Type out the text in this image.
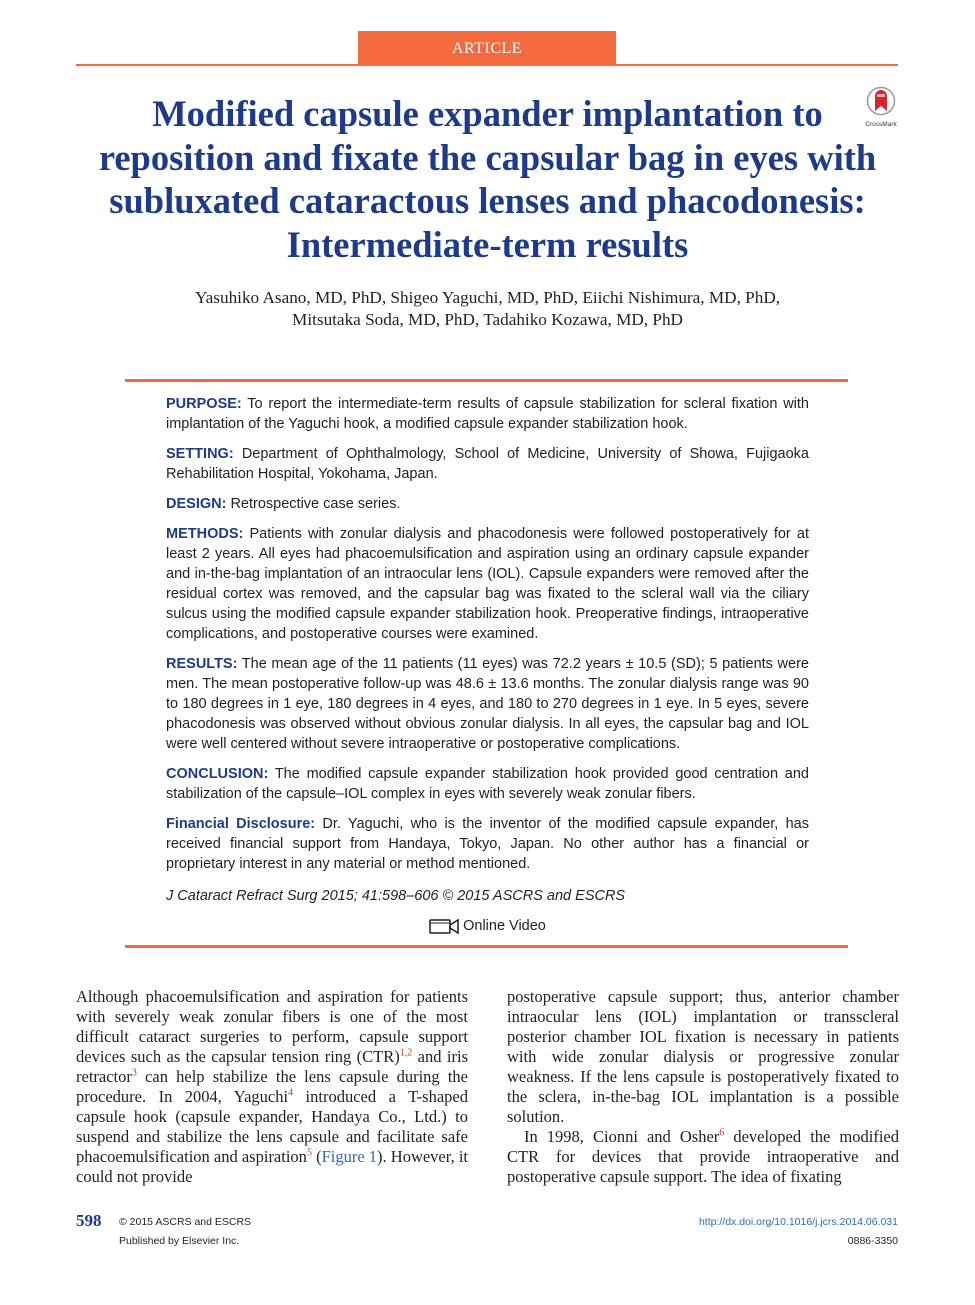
ARTICLE
Modified capsule expander implantation to reposition and fixate the capsular bag in eyes with subluxated cataractous lenses and phacodonesis: Intermediate-term results
CrossMark

Yasuhiko Asano, MD, PhD, Shigeo Yaguchi, MD, PhD, Eiichi Nishimura, MD, PhD,
Mitsutaka Soda, MD, PhD, Tadahiko Kozawa, MD, PhD

PURPOSE: To report the intermediate-term results of capsule stabilization for scleral fixation with implantation of the Yaguchi hook, a modified capsule expander stabilization hook.

SETTING: Department of Ophthalmology, School of Medicine, University of Showa, Fujigaoka Rehabilitation Hospital, Yokohama, Japan.

DESIGN: Retrospective case series.

METHODS: Patients with zonular dialysis and phacodonesis were followed postoperatively for at least 2 years. All eyes had phacoemulsification and aspiration using an ordinary capsule expander and in-the-bag implantation of an intraocular lens (IOL). Capsule expanders were removed after the residual cortex was removed, and the capsular bag was fixated to the scleral wall via the ciliary sulcus using the modified capsule expander stabilization hook. Preoperative findings, intraoperative complications, and postoperative courses were examined.

RESULTS: The mean age of the 11 patients (11 eyes) was 72.2 years ± 10.5 (SD); 5 patients were men. The mean postoperative follow-up was 48.6 ± 13.6 months. The zonular dialysis range was 90 to 180 degrees in 1 eye, 180 degrees in 4 eyes, and 180 to 270 degrees in 1 eye. In 5 eyes, severe phacodonesis was observed without obvious zonular dialysis. In all eyes, the capsular bag and IOL were well centered without severe intraoperative or postoperative complications.

CONCLUSION: The modified capsule expander stabilization hook provided good centration and stabilization of the capsule–IOL complex in eyes with severely weak zonular fibers.

Financial Disclosure: Dr. Yaguchi, who is the inventor of the modified capsule expander, has received financial support from Handaya, Tokyo, Japan. No other author has a financial or proprietary interest in any material or method mentioned.

J Cataract Refract Surg 2015; 41:598–606 © 2015 ASCRS and ESCRS

Online Video

Although phacoemulsification and aspiration for patients with severely weak zonular fibers is one of the most difficult cataract surgeries to perform, capsule support devices such as the capsular tension ring (CTR)$^{1,2}$ and iris retractor$^3$ can help stabilize the lens capsule during the procedure. In 2004, Yaguchi$^4$ introduced a T-shaped capsule hook (capsule expander, Handaya Co., Ltd.) to suspend and stabilize the lens capsule and facilitate safe phacoemulsification and aspiration$^5$ (Figure 1). However, it could not provide

postoperative capsule support; thus, anterior chamber intraocular lens (IOL) implantation or transscleral posterior chamber IOL fixation is necessary in patients with wide zonular dialysis or progressive zonular weakness. If the lens capsule is postoperatively fixated to the sclera, in-the-bag IOL implantation is a possible solution.

In 1998, Cionni and Osher$^6$ developed the modified CTR for devices that provide intraoperative and postoperative capsule support. The idea of fixating

598 © 2015 ASCRS and ESCRS
Published by Elsevier Inc.
http://dx.doi.org/10.1016/j.jcrs.2014.06.031
0886-3350
